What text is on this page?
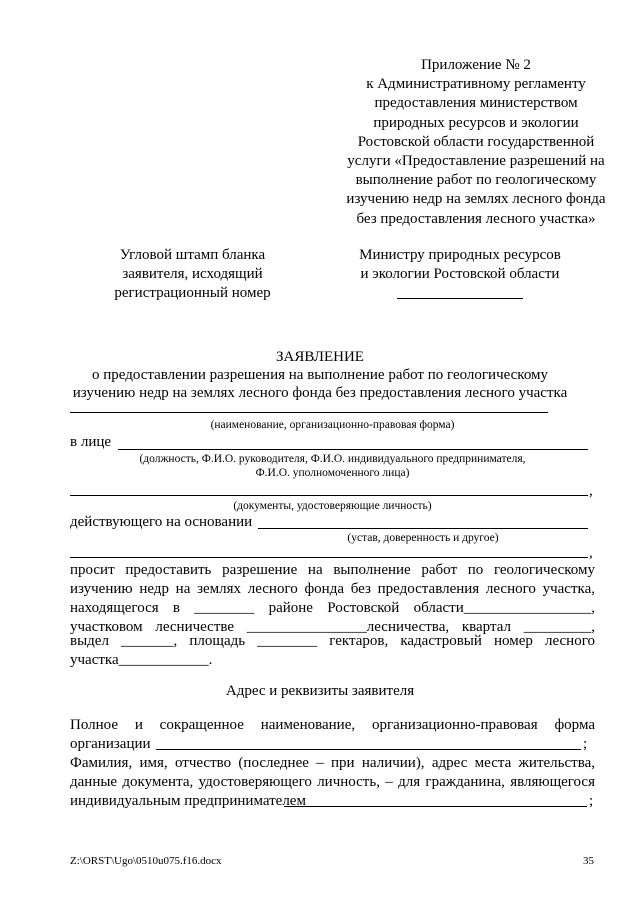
Приложение № 2
к Административному регламенту
предоставления министерством
природных ресурсов и экологии
Ростовской области государственной
услуги «Предоставление разрешений на
выполнение работ по геологическому
изучению недр на землях лесного фонда
без предоставления лесного участка»
Угловой штамп бланка
заявителя, исходящий
регистрационный номер
Министру природных ресурсов
и экологии Ростовской области
ЗАЯВЛЕНИЕ
о предоставлении разрешения на выполнение работ по геологическому
изучению недр на землях лесного фонда без предоставления лесного участка
(наименование, организационно-правовая форма)
в лице
(должность, Ф.И.О. руководителя, Ф.И.О. индивидуального предпринимателя,
Ф.И.О. уполномоченного лица)
,
(документы, удостоверяющие личность)
действующего на основании
(устав, доверенность и другое)
,
просит предоставить разрешение на выполнение работ по геологическому
изучению недр на землях лесного фонда без предоставления лесного участка,
находящегося в ________ районе Ростовской области_________________,
участковом лесничестве ________________лесничества, квартал _________,
выдел _______, площадь ________ гектаров, кадастровый номер лесного
участка____________.
Адрес и реквизиты заявителя
Полное и сокращенное наименование, организационно-правовая форма
организации	;
Фамилия, имя, отчество (последнее – при наличии), адрес места жительства,
данные документа, удостоверяющего личность, – для гражданина, являющегося
индивидуальным предпринимателем	;
Z:\ORST\Ugo\0510u075.f16.docx	35
